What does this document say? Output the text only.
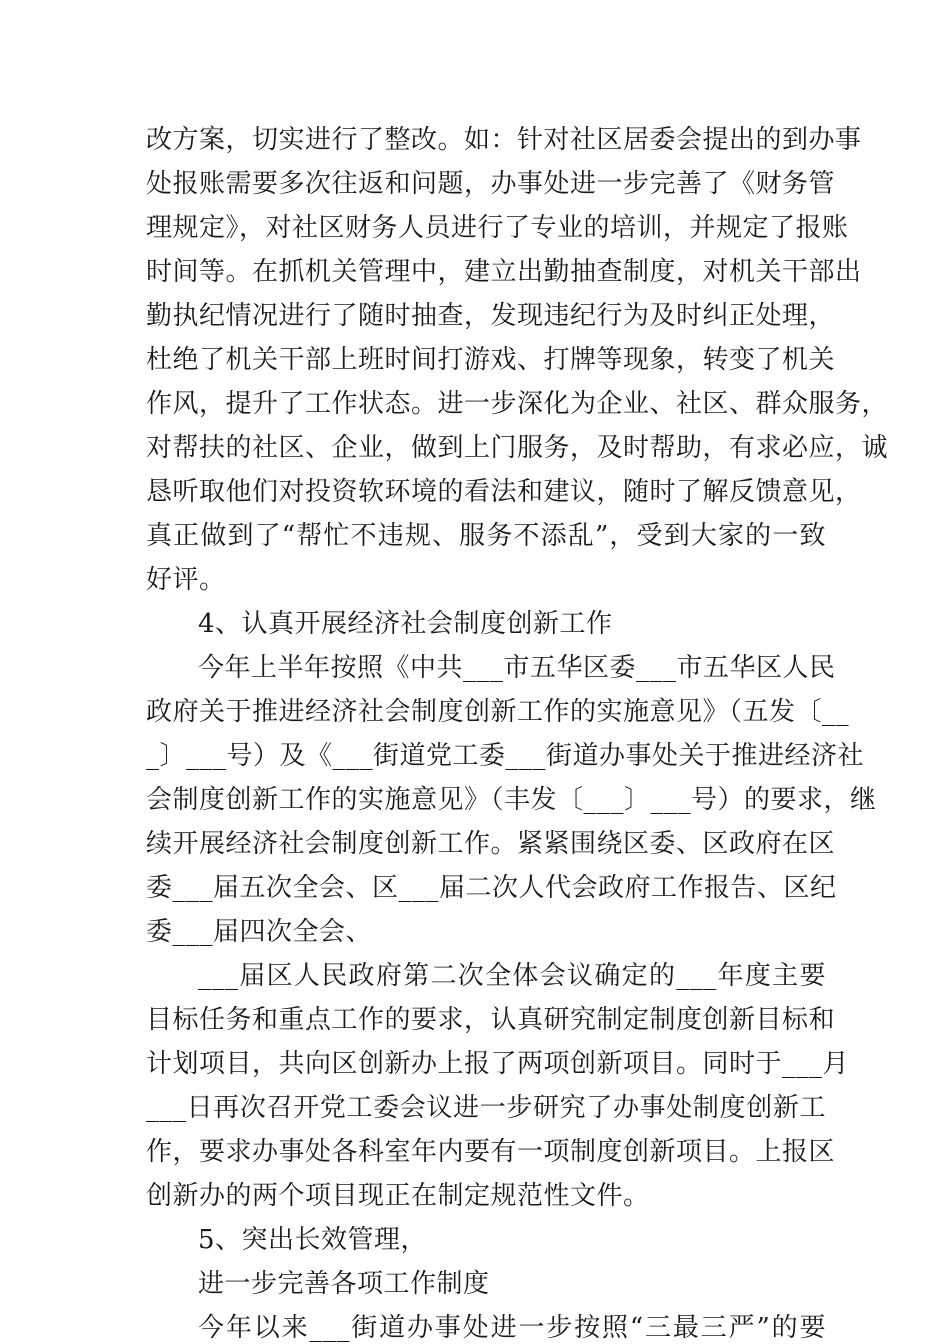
改方案，切实进行了整改。如：针对社区居委会提出的到办事
处报账需要多次往返和问题，办事处进一步完善了《财务管
理规定》，对社区财务人员进行了专业的培训，并规定了报账
时间等。在抓机关管理中，建立出勤抽查制度，对机关干部出
勤执纪情况进行了随时抽查，发现违纪行为及时纠正处理，
杜绝了机关干部上班时间打游戏、打牌等现象，转变了机关
作风，提升了工作状态。进一步深化为企业、社区、群众服务，
对帮扶的社区、企业，做到上门服务，及时帮助，有求必应，诚
恳听取他们对投资软环境的看法和建议，随时了解反馈意见，
真正做到了“帮忙不违规、服务不添乱”，受到大家的一致
好评。
4、认真开展经济社会制度创新工作
今年上半年按照《中共___市五华区委___市五华区人民
政府关于推进经济社会制度创新工作的实施意见》（五发〔__
_〕___号）及《___街道党工委___街道办事处关于推进经济社
会制度创新工作的实施意见》（丰发〔___〕___号）的要求，继
续开展经济社会制度创新工作。紧紧围绕区委、区政府在区
委___届五次全会、区___届二次人代会政府工作报告、区纪
委___届四次全会、
___届区人民政府第二次全体会议确定的___年度主要
目标任务和重点工作的要求，认真研究制定制度创新目标和
计划项目，共向区创新办上报了两项创新项目。同时于___月
___日再次召开党工委会议进一步研究了办事处制度创新工
作，要求办事处各科室年内要有一项制度创新项目。上报区
创新办的两个项目现正在制定规范性文件。
5、突出长效管理，
进一步完善各项工作制度
今年以来___街道办事处进一步按照“三最三严”的要
